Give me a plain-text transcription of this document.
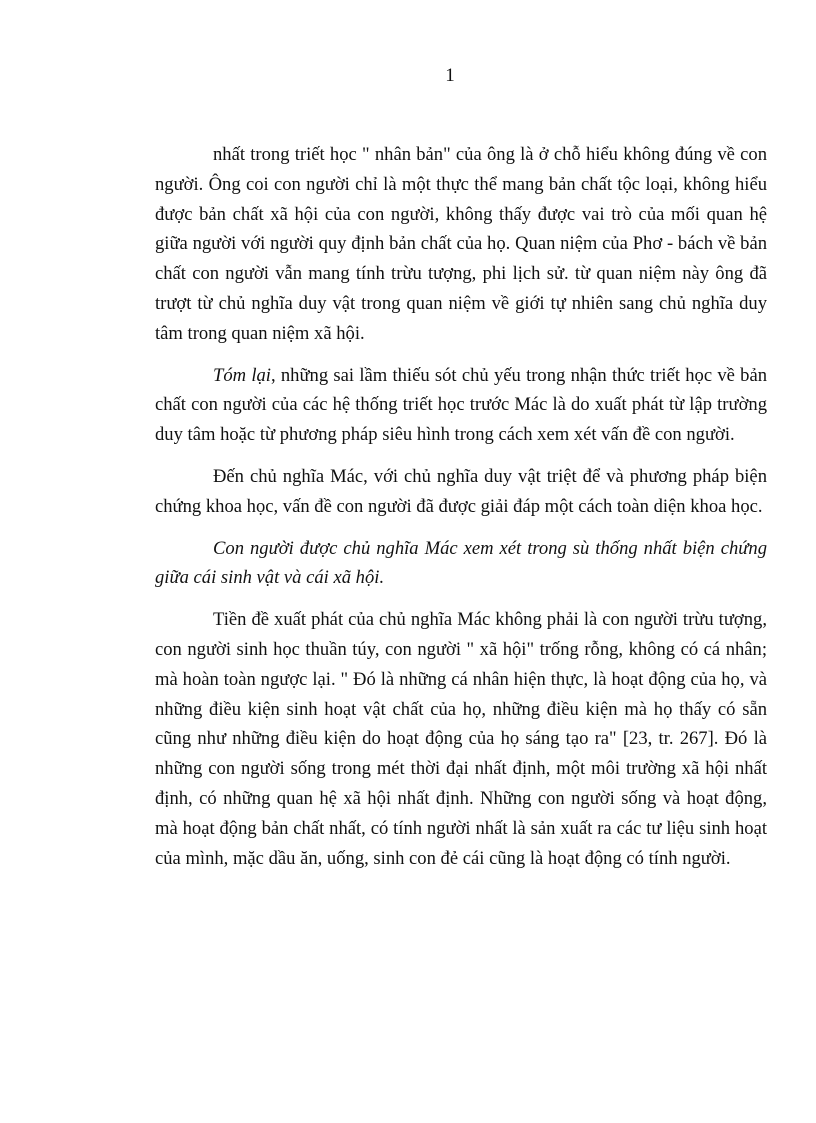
1

nhất trong triết học " nhân bản" của ông là ở chỗ hiểu không đúng về con người. Ông coi con người chỉ là một thực thể mang bản chất tộc loại, không hiểu được bản chất xã hội của con người, không thấy được vai trò của mối quan hệ giữa người với người quy định bản chất của họ. Quan niệm của Phơ - bách về bản chất con người vẫn mang tính trừu tượng, phi lịch sử. từ quan niệm này ông đã trượt từ chủ nghĩa duy vật trong quan niệm về giới tự nhiên sang chủ nghĩa duy tâm trong quan niệm xã hội.

Tóm lại, những sai lầm thiếu sót chủ yếu trong nhận thức triết học về bản chất con người của các hệ thống triết học trước Mác là do xuất phát từ lập trường duy tâm hoặc từ phương pháp siêu hình trong cách xem xét vấn đề con người.

Đến chủ nghĩa Mác, với chủ nghĩa duy vật triệt để và phương pháp biện chứng khoa học, vấn đề con người đã được giải đáp một cách toàn diện khoa học.

Con người được chủ nghĩa Mác xem xét trong sù thống nhất biện chứng giữa cái sinh vật và cái xã hội.

Tiền đề xuất phát của chủ nghĩa Mác không phải là con người trừu tượng, con người sinh học thuần túy, con người " xã hội" trống rỗng, không có cá nhân; mà hoàn toàn ngược lại. " Đó là những cá nhân hiện thực, là hoạt động của họ, và những điều kiện sinh hoạt vật chất của họ, những điều kiện mà họ thấy có sẵn cũng như những điều kiện do hoạt động của họ sáng tạo ra" [23, tr. 267]. Đó là những con người sống trong mét thời đại nhất định, một môi trường xã hội nhất định, có những quan hệ xã hội nhất định. Những con người sống và hoạt động, mà hoạt động bản chất nhất, có tính người nhất là sản xuất ra các tư liệu sinh hoạt của mình, mặc dầu ăn, uống, sinh con đẻ cái cũng là hoạt động có tính người.
